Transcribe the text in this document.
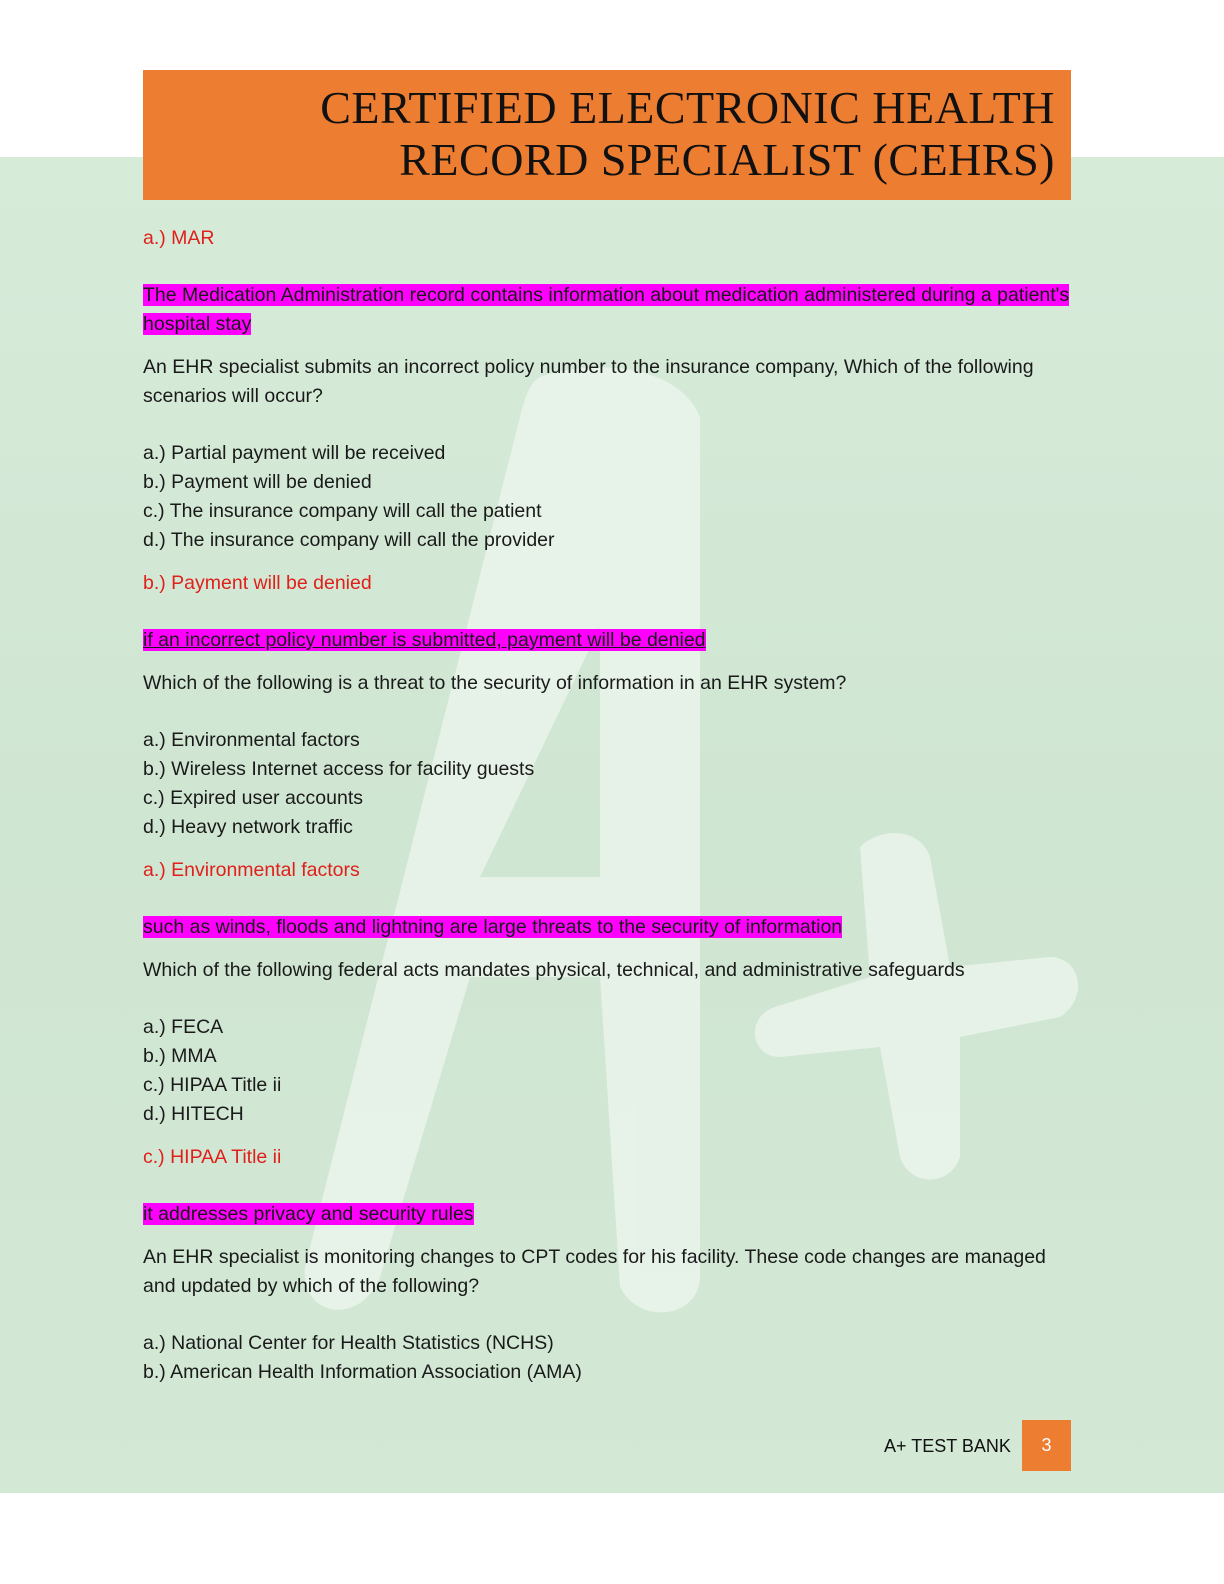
CERTIFIED ELECTRONIC HEALTH
RECORD SPECIALIST (CEHRS)

a.) MAR

The Medication Administration record contains information about medication administered during a patient's hospital stay

An EHR specialist submits an incorrect policy number to the insurance company, Which of the following scenarios will occur?

a.) Partial payment will be received
b.) Payment will be denied
c.) The insurance company will call the patient
d.) The insurance company will call the provider

b.) Payment will be denied

if an incorrect policy number is submitted, payment will be denied

Which of the following is a threat to the security of information in an EHR system?

a.) Environmental factors
b.) Wireless Internet access for facility guests
c.) Expired user accounts
d.) Heavy network traffic

a.) Environmental factors

such as winds, floods and lightning are large threats to the security of information

Which of the following federal acts mandates physical, technical, and administrative safeguards

a.) FECA
b.) MMA
c.) HIPAA Title ii
d.) HITECH

c.) HIPAA Title ii

it addresses privacy and security rules

An EHR specialist is monitoring changes to CPT codes for his facility. These code changes are managed and updated by which of the following?

a.) National Center for Health Statistics (NCHS)
b.) American Health Information Association (AMA)
A+ TEST BANK	3
